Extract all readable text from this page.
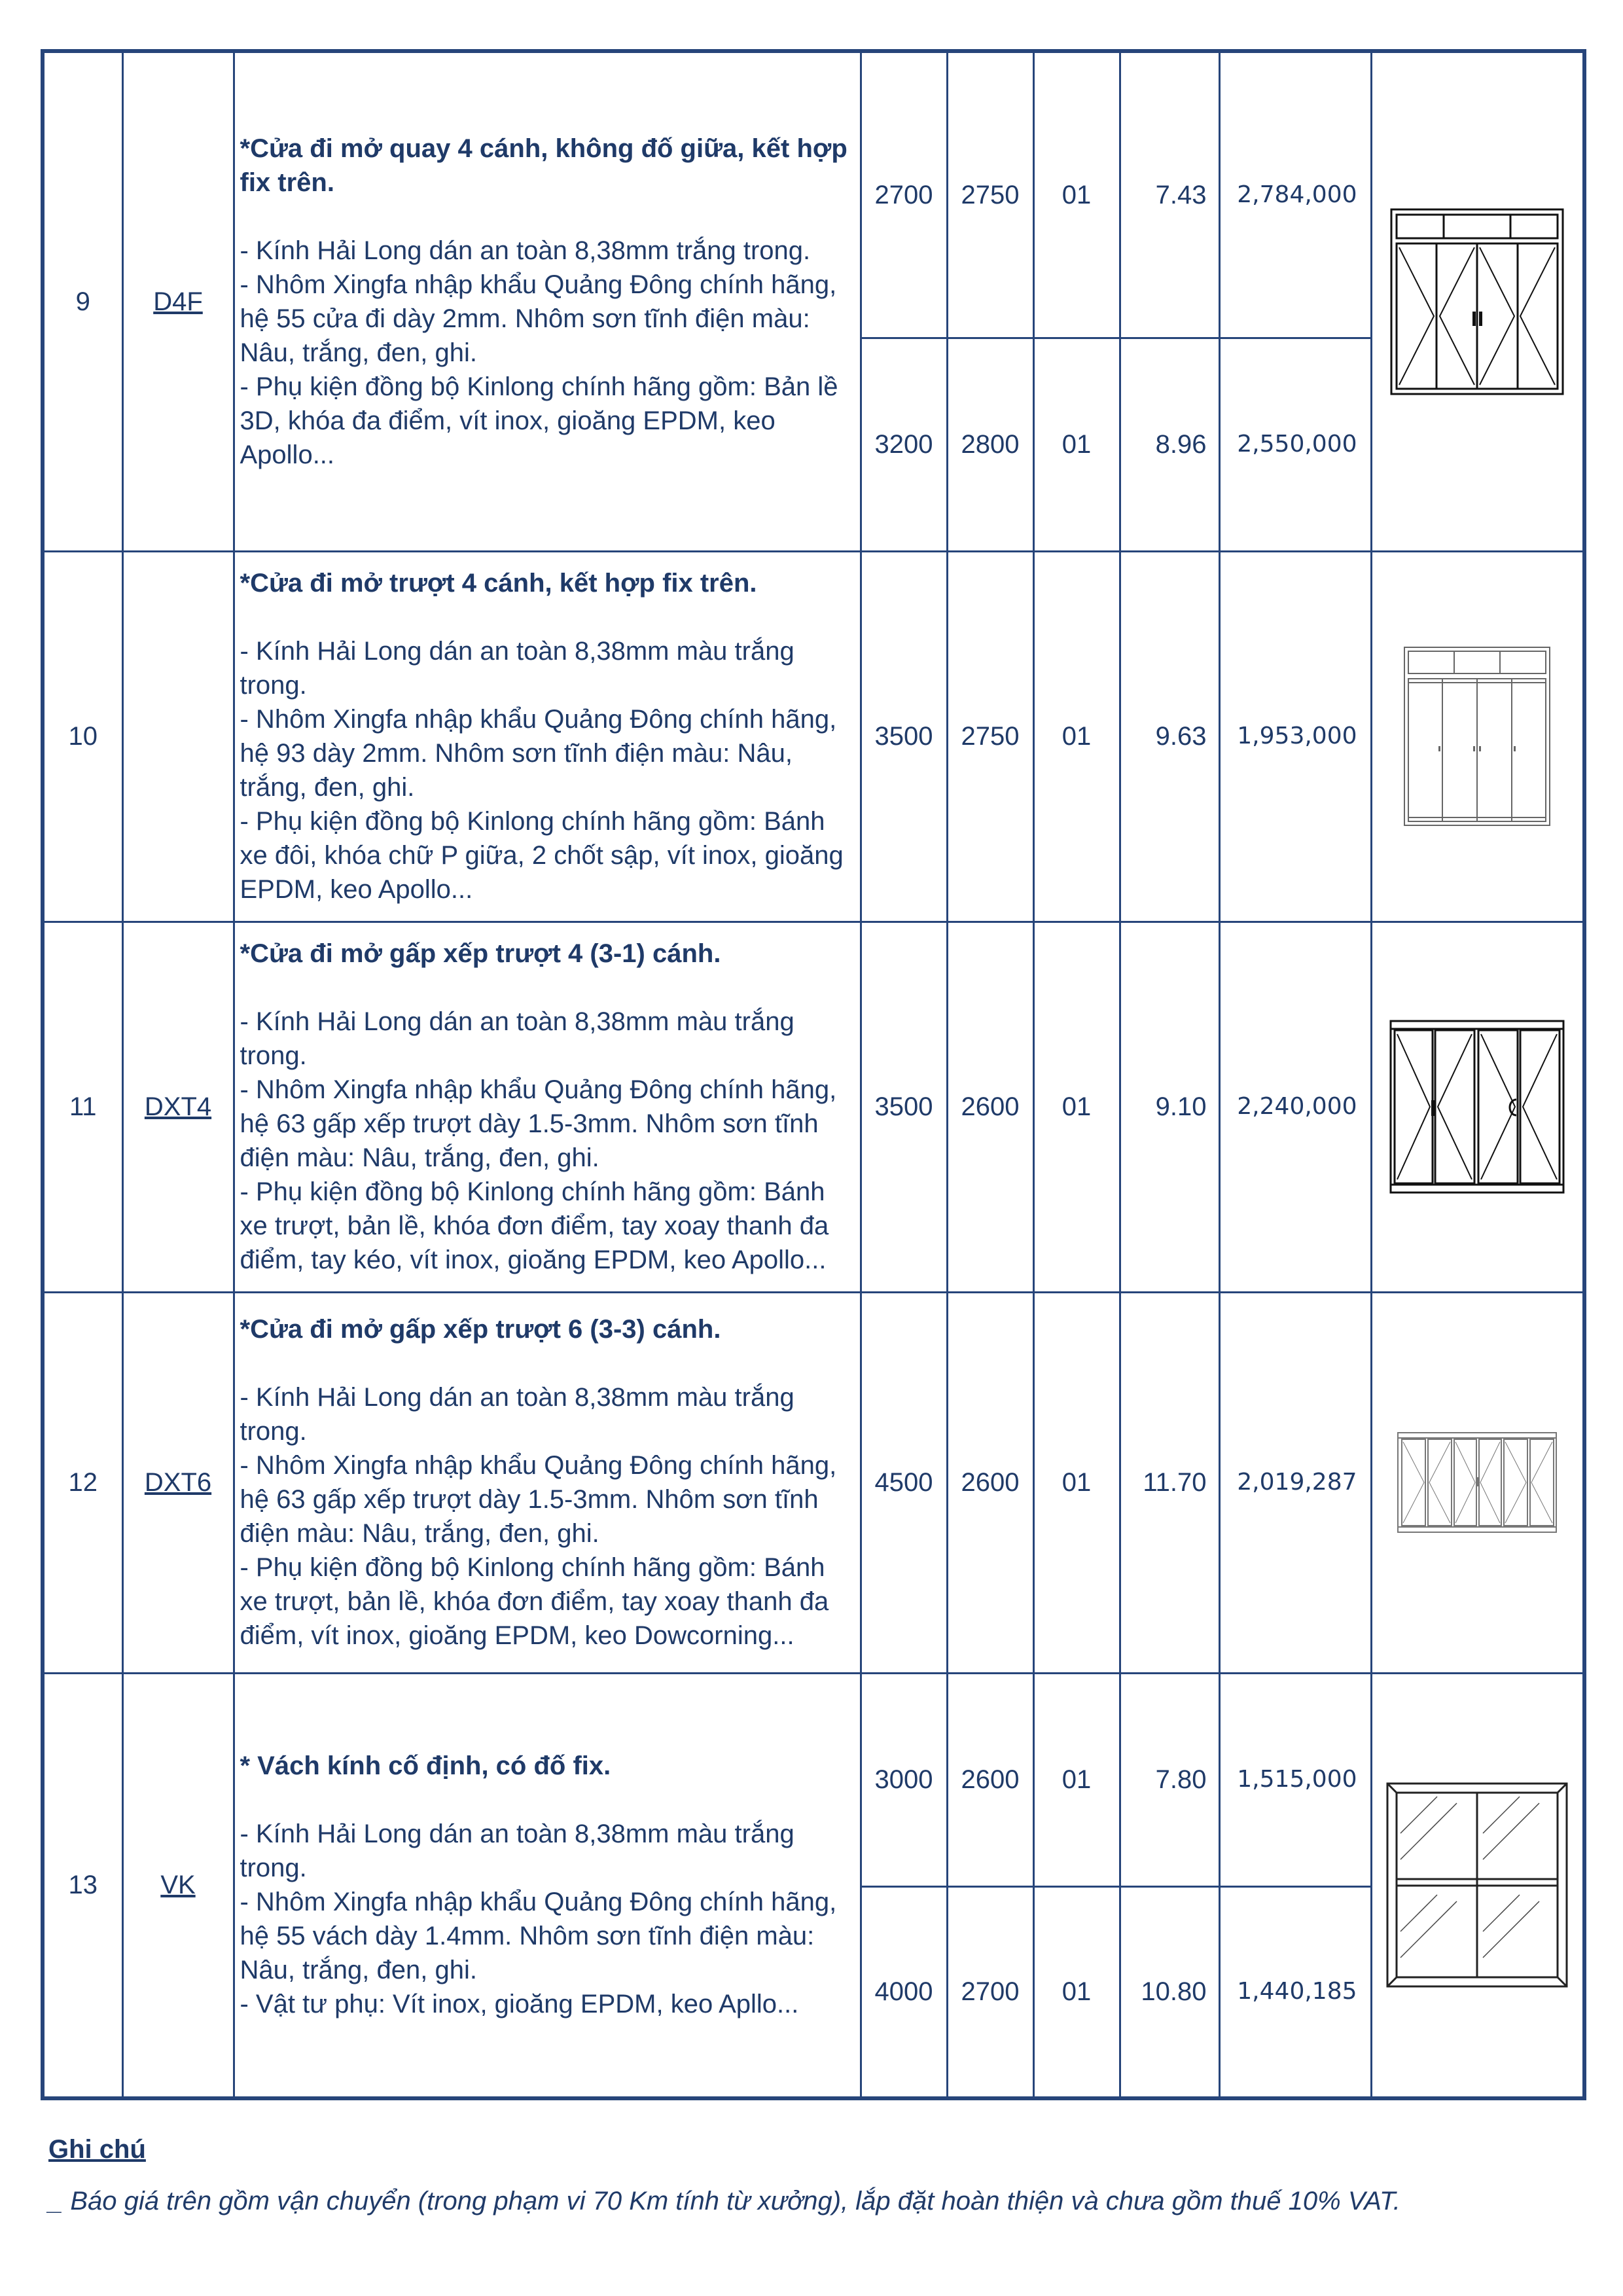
9	D4F	*Cửa đi mở quay 4 cánh, không đố giữa, kết hợp fix trên.
- Kính Hải Long dán an toàn 8,38mm trắng trong.
- Nhôm Xingfa nhập khẩu Quảng Đông chính hãng, hệ 55 cửa đi dày 2mm. Nhôm sơn tĩnh điện màu: Nâu, trắng, đen, ghi.
- Phụ kiện đồng bộ Kinlong chính hãng gồm: Bản lề 3D, khóa đa điểm, vít inox, gioăng EPDM, keo Apollo...	2700	2750	01	7.43	2,784,000	

			3200	2800	01	8.96	2,550,000	
10		*Cửa đi mở trượt 4 cánh, kết hợp fix trên.
- Kính Hải Long dán an toàn 8,38mm màu trắng trong.
- Nhôm Xingfa nhập khẩu Quảng Đông chính hãng, hệ 93 dày 2mm. Nhôm sơn tĩnh điện màu: Nâu, trắng, đen, ghi.
- Phụ kiện đồng bộ Kinlong chính hãng gồm: Bánh xe đôi, khóa chữ P giữa, 2 chốt sập, vít inox, gioăng EPDM, keo Apollo...	3500	2750	01	9.63	1,953,000	

11	DXT4	*Cửa đi mở gấp xếp trượt 4 (3-1) cánh.
- Kính Hải Long dán an toàn 8,38mm màu trắng trong.
- Nhôm Xingfa nhập khẩu Quảng Đông chính hãng, hệ 63 gấp xếp trượt dày 1.5-3mm. Nhôm sơn tĩnh điện màu: Nâu, trắng, đen, ghi.
- Phụ kiện đồng bộ Kinlong chính hãng gồm: Bánh xe trượt, bản lề, khóa đơn điểm, tay xoay thanh đa điểm, tay kéo, vít inox, gioăng EPDM, keo Apollo...	3500	2600	01	9.10	2,240,000	

12	DXT6	*Cửa đi mở gấp xếp trượt 6 (3-3) cánh.
- Kính Hải Long dán an toàn 8,38mm màu trắng trong.
- Nhôm Xingfa nhập khẩu Quảng Đông chính hãng, hệ 63 gấp xếp trượt dày 1.5-3mm. Nhôm sơn tĩnh điện màu: Nâu, trắng, đen, ghi.
- Phụ kiện đồng bộ Kinlong chính hãng gồm: Bánh xe trượt, bản lề, khóa đơn điểm, tay xoay thanh đa điểm, vít inox, gioăng EPDM, keo Dowcorning...	4500	2600	01	11.70	2,019,287	

13	VK	* Vách kính cố định, có đố fix.
- Kính Hải Long dán an toàn 8,38mm màu trắng trong.
- Nhôm Xingfa nhập khẩu Quảng Đông chính hãng, hệ 55 vách dày 1.4mm. Nhôm sơn tĩnh điện màu: Nâu, trắng, đen, ghi.
- Vật tư phụ: Vít inox, gioăng EPDM, keo Apllo...	3000	2600	01	7.80	1,515,000	

			4000	2700	01	10.80	1,440,185	
Ghi chú
_ Báo giá trên gồm vận chuyển (trong phạm vi 70 Km tính từ xưởng), lắp đặt hoàn thiện và chưa gồm thuế 10% VAT.
